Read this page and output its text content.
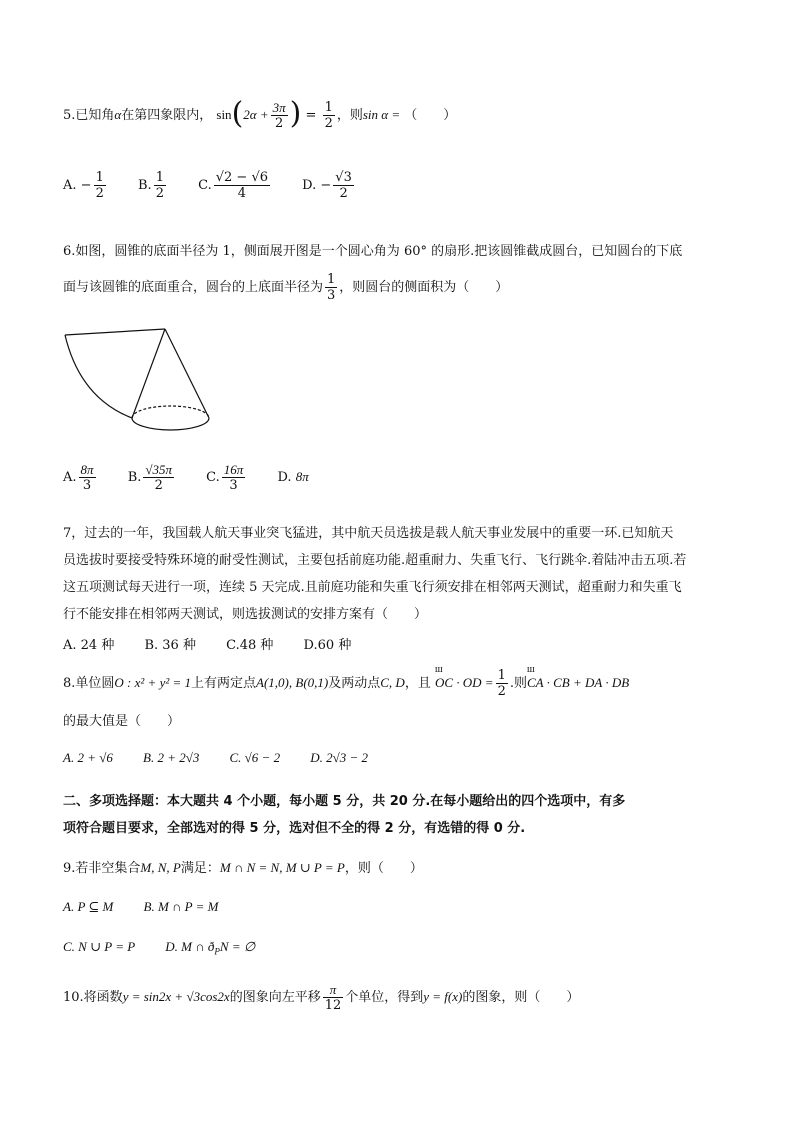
5.已知角α在第四象限内， $\sin(2\alpha + \frac{3\pi}{2}$ ) = $\frac{1}{2}$ ，则sin α = （　　）
A. − $\frac{1}{2} B$. $\frac{1}{2} C$. $\frac{√2 - √6}{4} D$. − $\frac{√3}{2}$
6.如图，圆锥的底面半径为 1，侧面展开图是一个圆心角为 60° 的扇形.把该圆锥截成圆台，已知圆台的下底
面与该圆锥的底面重合，圆台的上底面半径为 $\frac{1}{3}$ ，则圆台的侧面积为（　　）
A. $\frac{8\pi}{3} B$. $\frac{√35\pi}{2} C$. $\frac{16\pi}{3} D$. 8π
7，过去的一年，我国载人航天事业突飞猛进，其中航天员选拔是载人航天事业发展中的重要一环.已知航天
员选拔时要接受特殊环境的耐受性测试，主要包括前庭功能.超重耐力、失重飞行、飞行跳伞.着陆冲击五项.若
这五项测试每天进行一项，连续 5 天完成.且前庭功能和失重飞行须安排在相邻两天测试，超重耐力和失重飞
行不能安排在相邻两天测试，则选拔测试的安排方案有（　　）
A. 24 种 B. 36 种 C.48 种 D.60 种
8.单位圆O : x² + y² = 1上有两定点A(1,0), B(0,1)及两动点C, D，且 ш OC · OD = $\frac{1}{2}$ .则ш CA · CB + DA · DB
的最大值是（　　）
A. 2 + √6 B. 2 + 2√3 C. √6 − 2 D. 2√3 − 2
二、多项选择题：本大题共 4 个小题，每小题 5 分，共 20 分.在每小题给出的四个选项中，有多
项符合题目要求，全部选对的得 5 分，选对但不全的得 2 分，有选错的得 0 分.
9.若非空集合M, N, P满足：M ∩ N = N, M ∪ P = P，则（　　）
A. P ⊆ M B. M ∩ P = M
C. N ∪ P = P D. M ∩ $ð_PN$ = ∅
10.将函数y = sin2x + √3cos2x的图象向左平移 $\frac{\pi}{12}$ 个单位，得到y = f(x)的图象，则（　　）
